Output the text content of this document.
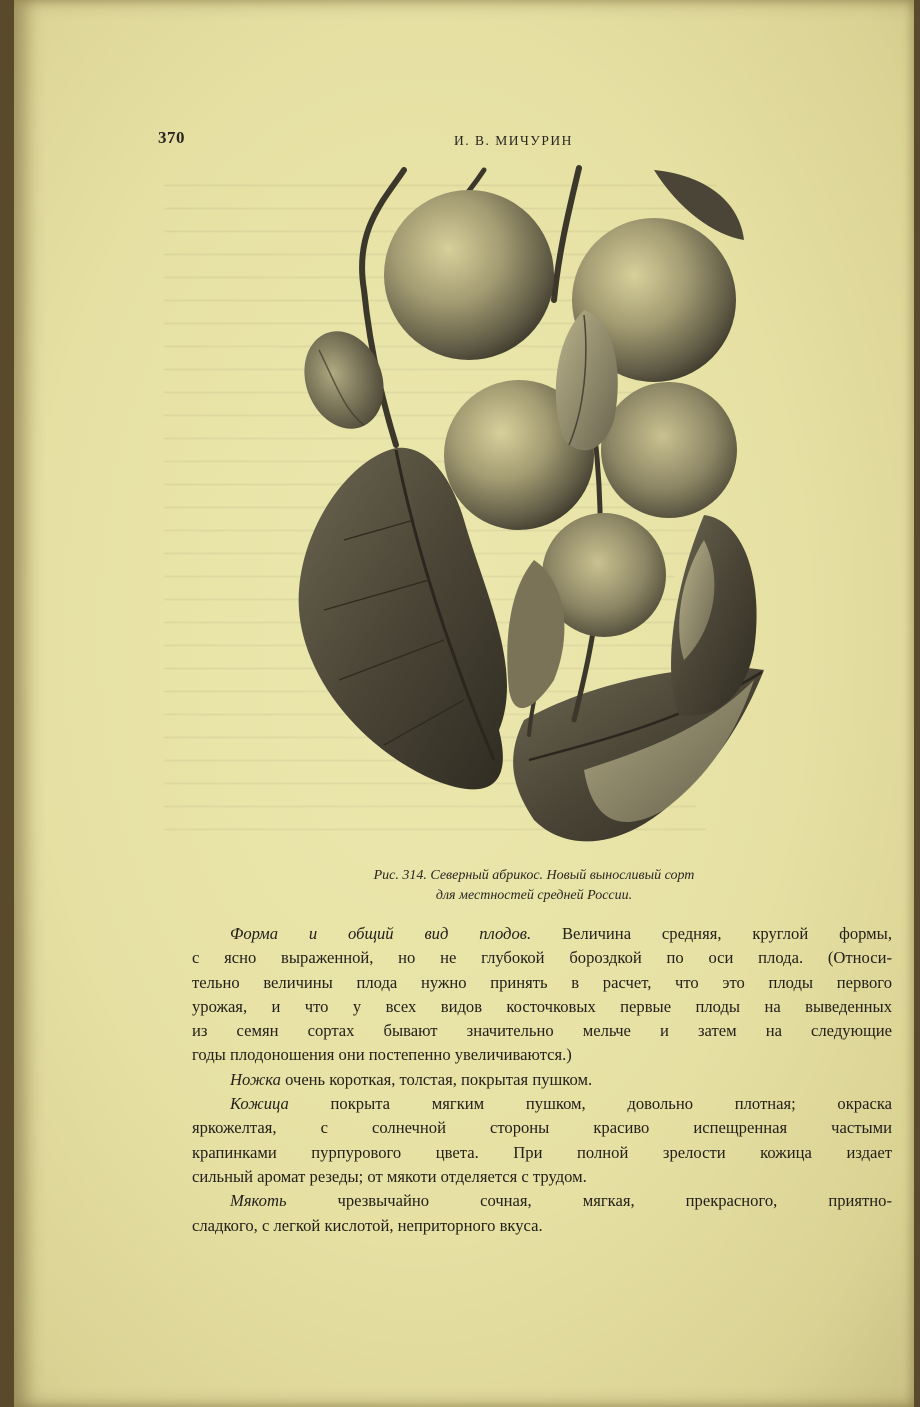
────────────────────────────────────────────────────

────────────────────────────────────────────────
──────────────────────────────────────────────────
───────────────────────────────────────────────────
────────────────────────────────────────────────

────────────────────────────────────────────────
──────────────────────────────────────────────────
───────────────────────────────────────────────────
370	И. В. МИЧУРИН
Рис. 314. Северный абрикос. Новый выносливый сорт
для местностей средней России.
Форма и общий вид плодов. Величина средняя, круглой формы,
с ясно выраженной, но не глубокой бороздкой по оси плода. (Относи-
тельно величины плода нужно принять в расчет, что это плоды первого
урожая, и что у всех видов косточковых первые плоды на выведенных
из семян сортах бывают значительно мельче и затем на следующие
годы плодоношения они постепенно увеличиваются.)
Ножка очень короткая, толстая, покрытая пушком.
Кожица покрыта мягким пушком, довольно плотная; окраска
яркожелтая, с солнечной стороны красиво испещренная частыми
крапинками пурпурового цвета. При полной зрелости кожица издает
сильный аромат резеды; от мякоти отделяется с трудом.
Мякоть чрезвычайно сочная, мягкая, прекрасного, приятно-
сладкого, с легкой кислотой, неприторного вкуса.
